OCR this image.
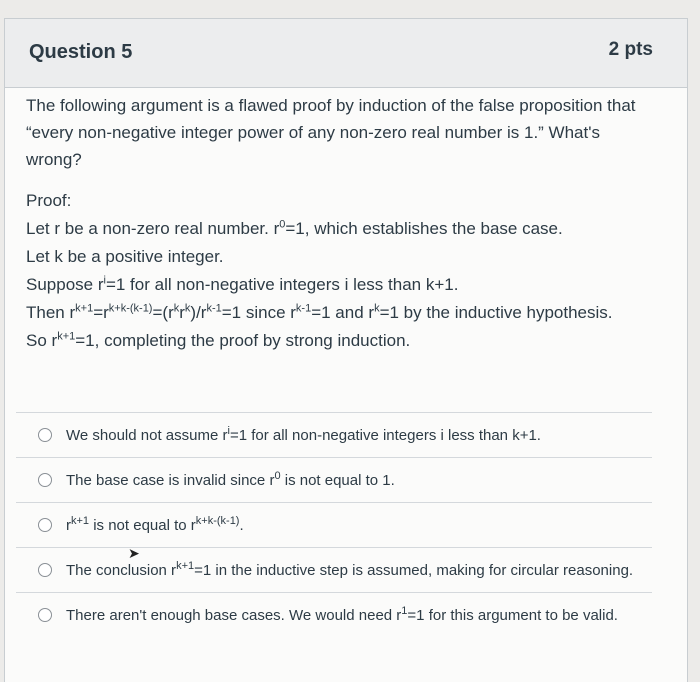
Question 5	2 pts

The following argument is a flawed proof by induction of the false proposition that “every non-negative integer power of any non-zero real number is 1.” What's wrong?

Proof:
Let r be a non-zero real number. $r^0=1$, which establishes the base case.
Let k be a positive integer.
Suppose $r^i=1$ for all non-negative integers i less than k+1.
Then $r^{k+1}=r^{k+k-(k-1)}=(r^kr^k)/r^{k-1}=1$ since $r^{k-1}=1$ and $r^k=1$ by the inductive hypothesis.
So $r^{k+1}=1$, completing the proof by strong induction.
We should not assume $r^i=1$ for all non-negative integers i less than k+1.
The base case is invalid since $r^0$ is not equal to 1.
$r^{k+1}$ is not equal to $r^{k+k-(k-1)}$.
➤
The conclusion $r^{k+1}=1$ in the inductive step is assumed, making for circular reasoning.
There aren't enough base cases. We would need $r^1=1$ for this argument to be valid.
